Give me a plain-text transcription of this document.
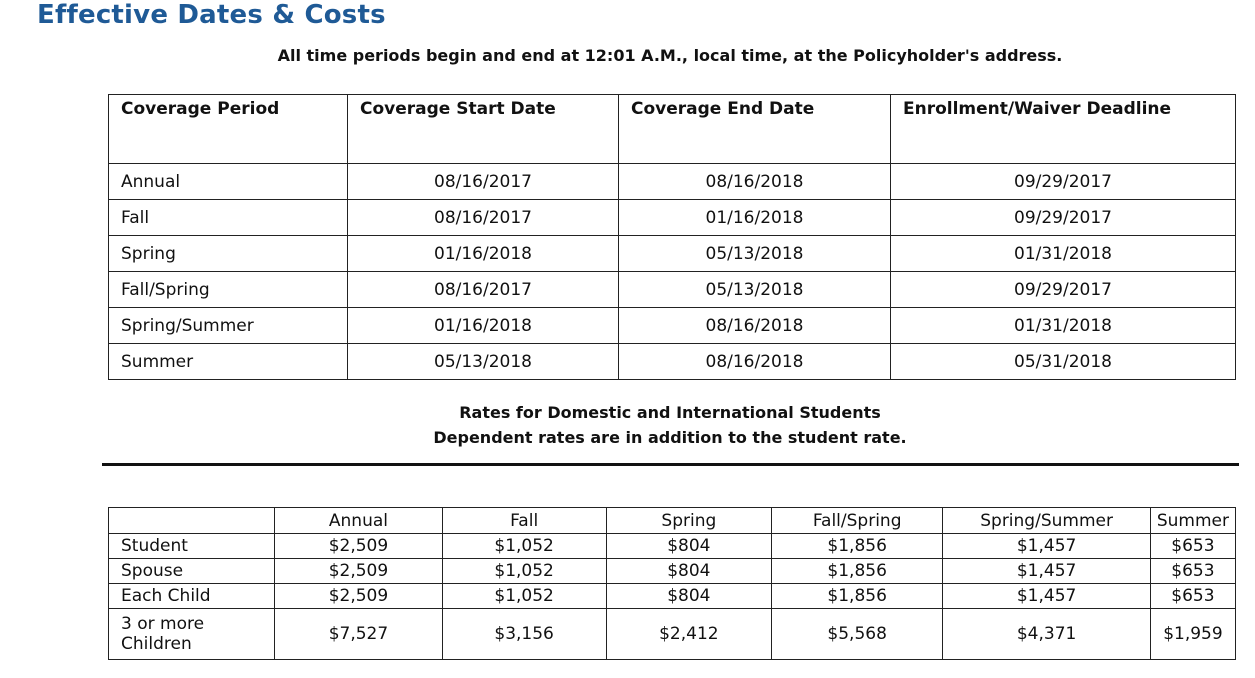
Effective Dates & Costs
All time periods begin and end at 12:01 A.M., local time, at the Policyholder's address.
Coverage Period	Coverage Start Date	Coverage End Date	Enrollment/Waiver Deadline
Annual	08/16/2017	08/16/2018	09/29/2017
Fall	08/16/2017	01/16/2018	09/29/2017
Spring	01/16/2018	05/13/2018	01/31/2018
Fall/Spring	08/16/2017	05/13/2018	09/29/2017
Spring/Summer	01/16/2018	08/16/2018	01/31/2018
Summer	05/13/2018	08/16/2018	05/31/2018
Rates for Domestic and International Students
Dependent rates are in addition to the student rate.
	Annual	Fall	Spring	Fall/Spring	Spring/Summer	Summer
Student	$2,509	$1,052	$804	$1,856	$1,457	$653
Spouse	$2,509	$1,052	$804	$1,856	$1,457	$653
Each Child	$2,509	$1,052	$804	$1,856	$1,457	$653
3 or more Children	$7,527	$3,156	$2,412	$5,568	$4,371	$1,959
